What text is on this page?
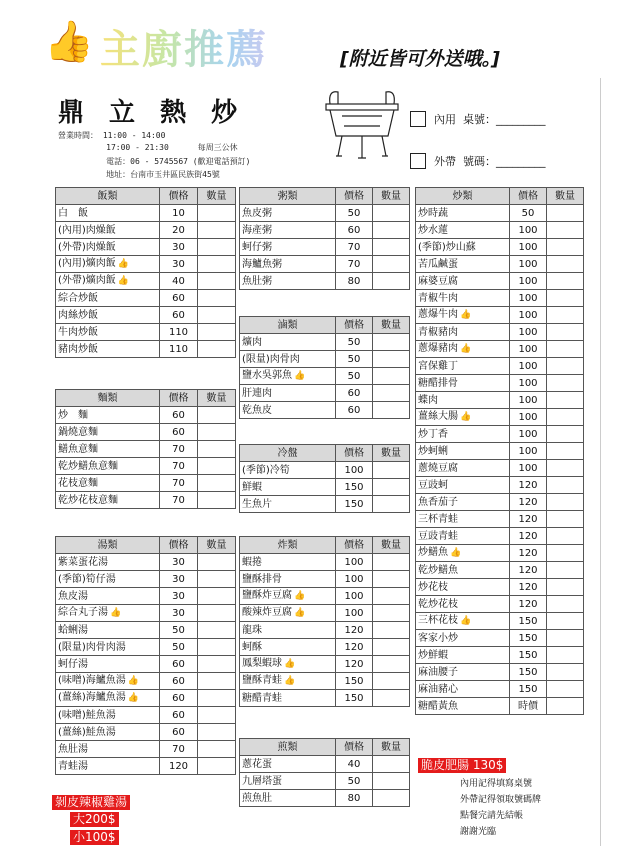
👍 主廚推薦	[附近皆可外送哦。]
鼎 立 熱 炒
營業時間： 11:00 - 14:00
17:00 - 21:30      每周三公休
電話：06 - 5745567 (歡迎電話預訂)
地址：台南市玉井區民族街45號
內用  桌號：_________
外帶  號碼：_________
飯類	價格	數量
白　飯	10	
(內用)肉燥飯	20	
(外帶)肉燥飯	30	
(內用)爌肉飯 👍	30	
(外帶)爌肉飯 👍	40	
綜合炒飯	60	
肉絲炒飯	60	
牛肉炒飯	110	
豬肉炒飯	110	
麵類	價格	數量
炒　麵	60	
鍋燒意麵	60	
鱔魚意麵	70	
乾炒鱔魚意麵	70	
花枝意麵	70	
乾炒花枝意麵	70	
湯類	價格	數量
紫菜蛋花湯	30	
(季節)筍仔湯	30	
魚皮湯	30	
綜合丸子湯 👍	30	
蛤蜊湯	50	
(限量)肉骨肉湯	50	
蚵仔湯	60	
(味噌)海鱸魚湯 👍	60	
(薑絲)海鱸魚湯 👍	60	
(味噌)鮭魚湯	60	
(薑絲)鮭魚湯	60	
魚肚湯	70	
青蛙湯	120	
粥類	價格	數量
魚皮粥	50	
海產粥	60	
蚵仔粥	70	
海鱸魚粥	70	
魚肚粥	80	
滷類	價格	數量
爌肉	50	
(限量)肉骨肉	50	
鹽水吳郭魚 👍	50	
肝連肉	60	
乾魚皮	60	
冷盤	價格	數量
(季節)冷筍	100	
鮮蝦	150	
生魚片	150	
炸類	價格	數量
蝦捲	100	
鹽酥排骨	100	
鹽酥炸豆腐 👍	100	
酸辣炸豆腐 👍	100	
龍珠	120	
蚵酥	120	
鳳梨蝦球 👍	120	
鹽酥青蛙 👍	150	
糖醋青蛙	150	
煎類	價格	數量
蔥花蛋	40	
九層塔蛋	50	
煎魚肚	80	
炒類	價格	數量
炒時蔬	50	
炒水蓮	100	
(季節)炒山蘇	100	
苦瓜鹹蛋	100	
麻婆豆腐	100	
青椒牛肉	100	
蔥爆牛肉 👍	100	
青椒豬肉	100	
蔥爆豬肉 👍	100	
宮保雞丁	100	
糖醋排骨	100	
蝶肉	100	
薑絲大腸 👍	100	
炒丁香	100	
炒蚵蜊	100	
蔥燒豆腐	100	
豆豉蚵	120	
魚香茄子	120	
三杯青蛙	120	
豆豉青蛙	120	
炒鱔魚 👍	120	
乾炒鱔魚	120	
炒花枝	120	
乾炒花枝	120	
三杯花枝 👍	150	
客家小炒	150	
炒鮮蝦	150	
麻油腰子	150	
麻油豬心	150	
糖醋黃魚	時價	
脆皮肥腸 130$
剝皮辣椒雞湯
大200$
小100$
內用記得填寫桌號
外帶記得領取號碼牌
點餐完請先結帳
謝謝光臨
